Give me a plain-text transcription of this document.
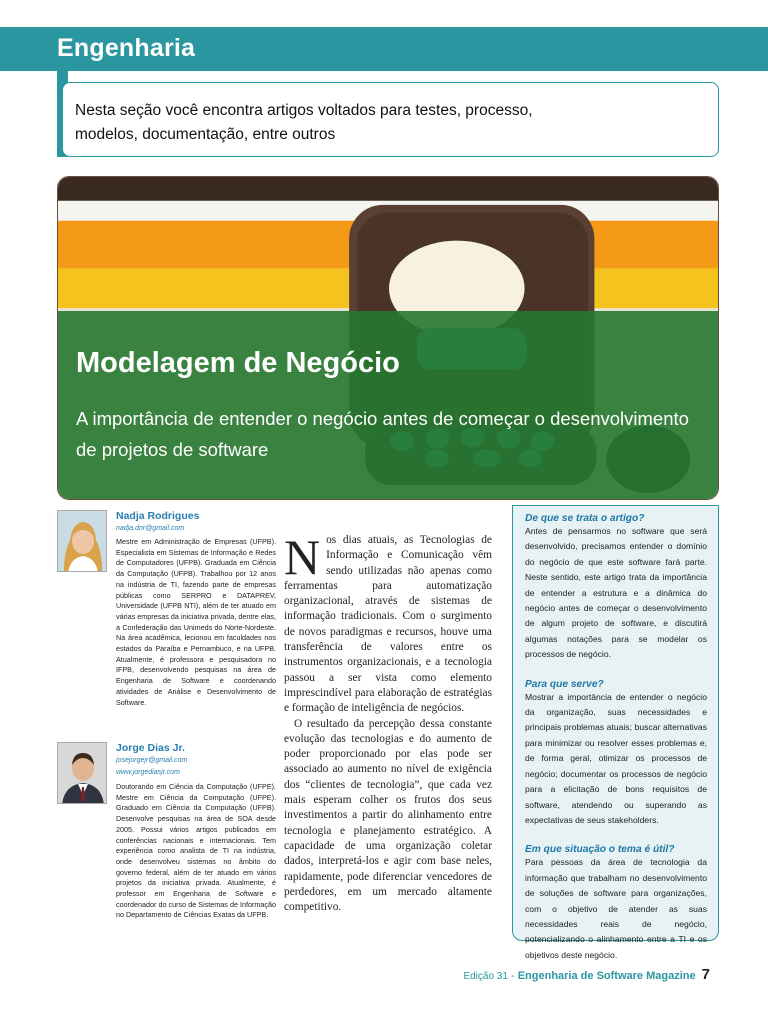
Engenharia
Nesta seção você encontra artigos voltados para testes, processo,
modelos, documentação, entre outros
Modelagem de Negócio
A importância de entender o negócio antes de começar o desenvolvimento
de projetos de software
Nadja Rodrigues
nadja.dnr@gmail.com
Mestre em Administração de Empresas (UFPB). Especialista em Sistemas de Informação e Redes de Computadores (UFPB). Graduada em Ciência da Computação (UFPB). Trabalhou por 12 anos na indústria de TI, fazendo parte de empresas públicas como SERPRO e DATAPREV, Universidade (UFPB NTI), além de ter atuado em várias empresas da iniciativa privada, dentre elas, a Confederação das Unimeds do Norte-Nordeste. Na área acadêmica, lecionou em faculdades nos estados da Paraíba e Pernambuco, e na UFPB. Atualmente, é professora e pesquisadora no IFPB, desenvolvendo pesquisas na área de Engenharia de Software e coordenando atividades de Análise e Desenvolvimento de Software.
Jorge Dias Jr.
josejorgejr@gmail.com
www.jorgediasjr.com
Doutorando em Ciência da Computação (UFPE). Mestre em Ciência da Computação (UFPE). Graduado em Ciência da Computação (UFPB). Desenvolve pesquisas na área de SOA desde 2005. Possui vários artigos publicados em conferências nacionais e internacionais. Tem experiência como analista de TI na indústria, onde desenvolveu sistemas no âmbito do governo federal, além de ter atuado em vários projetos da iniciativa privada. Atualmente, é professor em Engenharia de Software e coordenador do curso de Sistemas de Informação no Departamento de Ciências Exatas da UFPB.

Nos dias atuais, as Tecnologias de Informação e Comunicação vêm sendo utilizadas não apenas como ferramentas para automatização organizacional, através de sistemas de informação tradicionais. Com o surgimento de novos paradigmas e recursos, houve uma transferência de valores entre os instrumentos organizacionais, e a tecnologia passou a ser vista como elemento imprescindível para elaboração de estratégias e formação de inteligência de negócios.

O resultado da percepção dessa constante evolução das tecnologias e do aumento de poder proporcionado por elas pode ser associado ao aumento no nível de exigência dos “clientes de tecnologia”, que cada vez mais esperam colher os frutos dos seus investimentos a partir do alinhamento entre tecnologia e planejamento estratégico. A capacidade de uma organização coletar dados, interpretá-los e agir com base neles, rapidamente, pode diferenciar vencedores de perdedores, em um mercado altamente competitivo.

De que se trata o artigo?
Antes de pensarmos no software que será desenvolvido, precisamos entender o domínio do negócio de que este software fará parte. Neste sentido, este artigo trata da importância de entender a estrutura e a dinâmica do negócio antes de começar o desenvolvimento de algum projeto de software, e discutirá algumas notações para se modelar os processos de negócio.
Para que serve?
Mostrar a importância de entender o negócio da organização, suas necessidades e principais problemas atuais; buscar alternativas para minimizar ou resolver esses problemas e, de forma geral, otimizar os processos de negócio; documentar os processos de negócio para a elicitação de bons requisitos de software, atendendo ou superando as expectativas de seus stakeholders.
Em que situação o tema é útil?
Para pessoas da área de tecnologia da informação que trabalham no desenvolvimento de soluções de software para organizações, com o objetivo de atender as suas necessidades reais de negócio, potencializando o alinhamento entre a TI e os objetivos deste negócio.
Edição 31 - Engenharia de Software Magazine 7
